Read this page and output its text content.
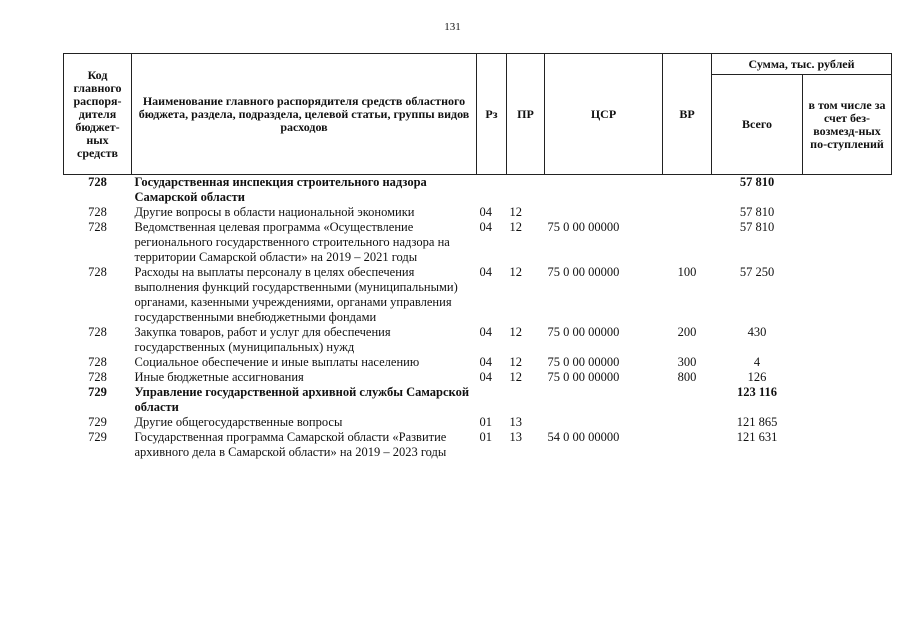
131
Код главного распоря-дителя бюджет-ных средств	Наименование главного распорядителя средств областного бюджета, раздела, подраздела, целевой статьи, группы видов расходов	Рз	ПР	ЦСР	ВР	Сумма, тыс. рублей	
						Всего	в том числе за счет без-возмезд-ных по-ступлений
728	Государственная инспекция строительного надзора Самарской области					57 810	
728	Другие вопросы в области национальной экономики	04	12			57 810	
728	Ведомственная целевая программа «Осуществление регионального государственного строительного надзора на территории Самарской области» на 2019 – 2021 годы	04	12	75 0 00 00000		57 810	
728	Расходы на выплаты персоналу в целях обеспечения выполнения функций государственными (муниципальными) органами, казенными учреждениями, органами управления государственными внебюджетными фондами	04	12	75 0 00 00000	100	57 250	
728	Закупка товаров, работ и услуг для обеспечения государственных (муниципальных) нужд	04	12	75 0 00 00000	200	430	
728	Социальное обеспечение и иные выплаты населению	04	12	75 0 00 00000	300	4	
728	Иные бюджетные ассигнования	04	12	75 0 00 00000	800	126	
729	Управление государственной архивной службы Самарской области					123 116	
729	Другие общегосударственные вопросы	01	13			121 865	
729	Государственная программа Самарской области «Развитие архивного дела в Самарской области» на 2019 – 2023 годы	01	13	54 0 00 00000		121 631	
